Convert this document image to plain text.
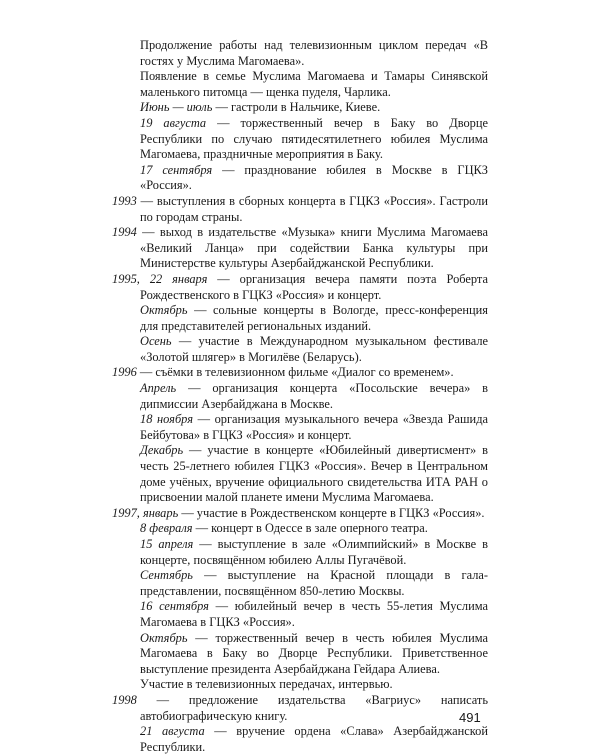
Продолжение работы над телевизионным циклом передач «В гостях у Муслима Магомаева».

Появление в семье Муслима Магомаева и Тамары Синявской маленького питомца — щенка пуделя, Чарлика.

Июнь — июль — гастроли в Нальчике, Киеве.

19 августа — торжественный вечер в Баку во Дворце Республики по случаю пятидесятилетнего юбилея Муслима Магомаева, праздничные мероприятия в Баку.

17 сентября — празднование юбилея в Москве в ГЦКЗ «Россия».

1993 — выступления в сборных концерта в ГЦКЗ «Россия». Гастроли по городам страны.

1994 — выход в издательстве «Музыка» книги Муслима Магомаева «Великий Ланца» при содействии Банка культуры при Министерстве культуры Азербайджанской Республики.

1995, 22 января — организация вечера памяти поэта Роберта Рождественского в ГЦКЗ «Россия» и концерт.

Октябрь — сольные концерты в Вологде, пресс-конференция для представителей региональных изданий.

Осень — участие в Международном музыкальном фестивале «Золотой шлягер» в Могилёве (Беларусь).

1996 — съёмки в телевизионном фильме «Диалог со временем».

Апрель — организация концерта «Посольские вечера» в дипмиссии Азербайджана в Москве.

18 ноября — организация музыкального вечера «Звезда Рашида Бейбутова» в ГЦКЗ «Россия» и концерт.

Декабрь — участие в концерте «Юбилейный дивертисмент» в честь 25-летнего юбилея ГЦКЗ «Россия». Вечер в Центральном доме учёных, вручение официального свидетельства ИТА РАН о присвоении малой планете имени Муслима Магомаева.

1997, январь — участие в Рождественском концерте в ГЦКЗ «Россия».

8 февраля — концерт в Одессе в зале оперного театра.

15 апреля — выступление в зале «Олимпийский» в Москве в концерте, посвящённом юбилею Аллы Пугачёвой.

Сентябрь — выступление на Красной площади в гала-представлении, посвящённом 850-летию Москвы.

16 сентября — юбилейный вечер в честь 55-летия Муслима Магомаева в ГЦКЗ «Россия».

Октябрь — торжественный вечер в честь юбилея Муслима Магомаева в Баку во Дворце Республики. Приветственное выступление президента Азербайджана Гейдара Алиева.

Участие в телевизионных передачах, интервью.

1998 — предложение издательства «Вагриус» написать автобиографическую книгу.

21 августа — вручение ордена «Слава» Азербайджанской Республики.

491
